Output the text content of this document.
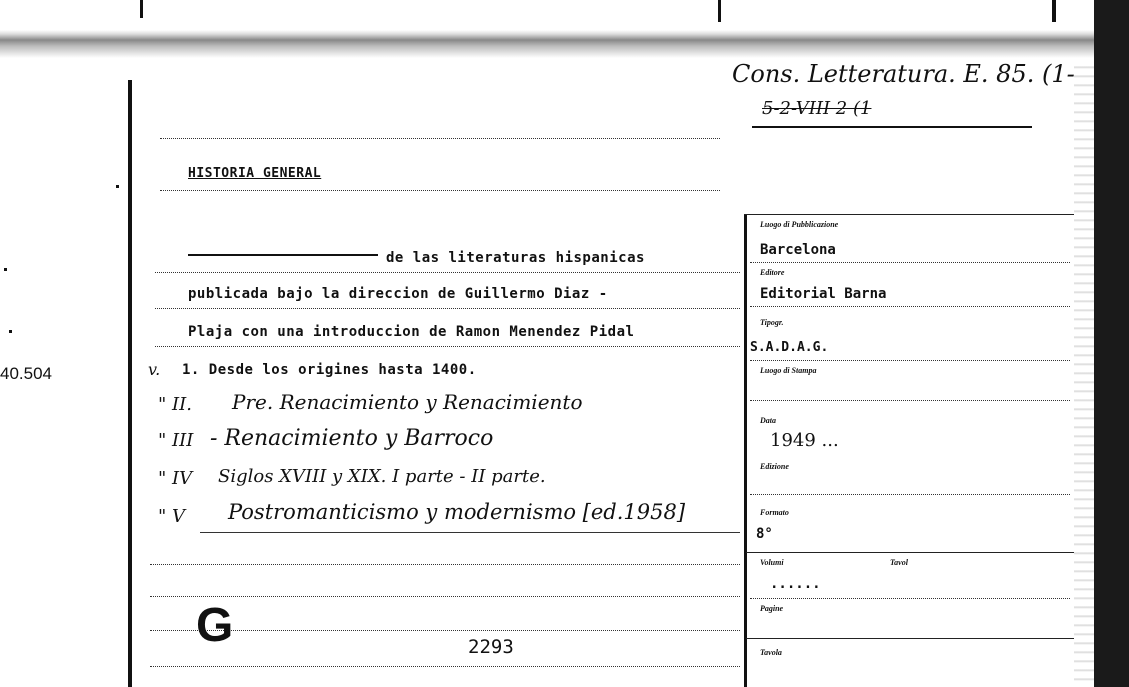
40.504
Cons. Letteratura. E. 85. (1-
5-2-VIII 2 (1
HISTORIA GENERAL
de las literaturas hispanicas
publicada bajo la direccion de Guillermo Diaz -
Plaja con una introduccion de Ramon Menendez Pidal
v. 1. Desde los origines hasta 1400.
" II. Pre. Renacimiento y Renacimiento
" III - Renacimiento y Barroco
" IV Siglos XVIII y XIX. I parte - II parte.
" V Postromanticismo y modernismo [ed.1958]
G	2293
Luogo di Pubblicazione
Barcelona
Editore
Editorial Barna
Tipogr.
S.A.D.A.G.
Luogo di Stampa
Data
1949 ...
Edizione
Formato
8°
Volumi	Tavol
......
Pagine
Tavola
